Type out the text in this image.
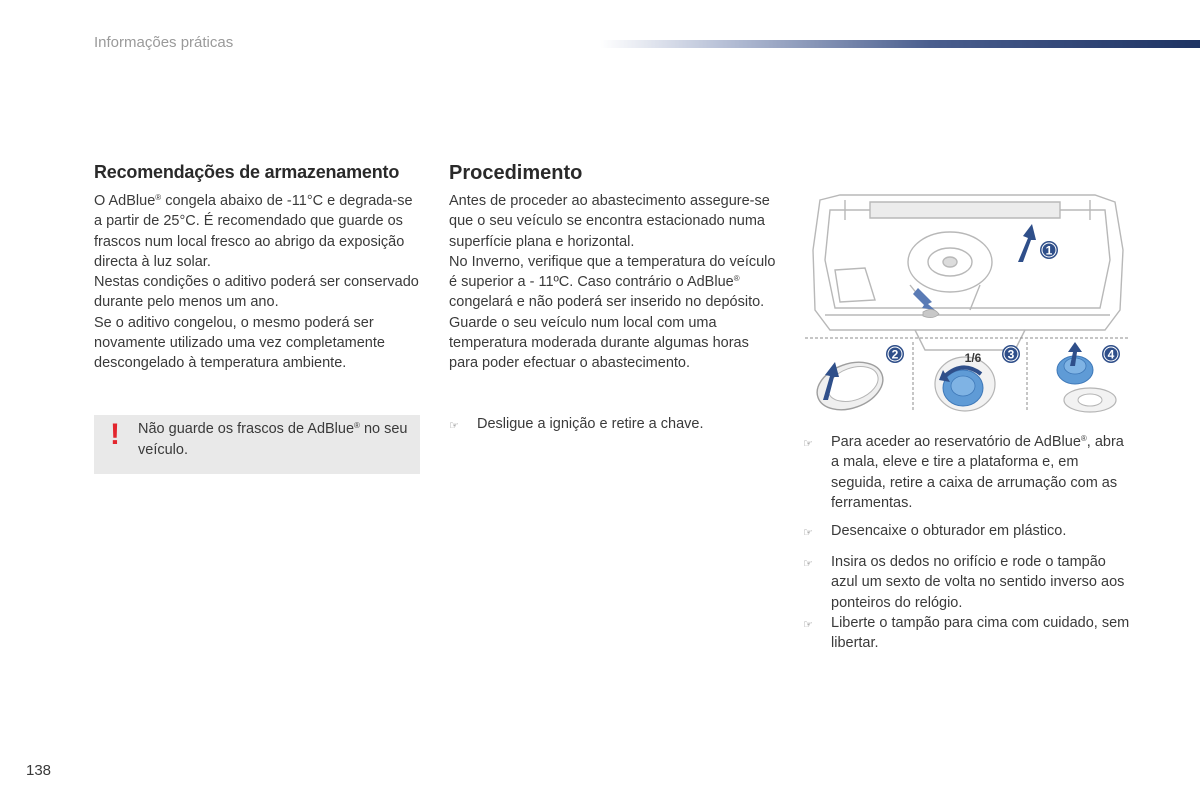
Informações práticas
Recomendações de armazenamento

O AdBlue® congela abaixo de -11°C e degrada-se a partir de 25°C. É recomendado que guarde os frascos num local fresco ao abrigo da exposição directa à luz solar.

Nestas condições o aditivo poderá ser conservado durante pelo menos um ano.

Se o aditivo congelou, o mesmo poderá ser novamente utilizado uma vez completamente descongelado à temperatura ambiente.

! Não guarde os frascos de AdBlue® no seu veículo.
Procedimento

Antes de proceder ao abastecimento assegure-se que o seu veículo se encontra estacionado numa superfície plana e horizontal.

No Inverno, verifique que a temperatura do veículo é superior a - 11ºC. Caso contrário o AdBlue® congelará e não poderá ser inserido no depósito. Guarde o seu veículo num local com uma temperatura moderada durante algumas horas para poder efectuar o abastecimento.

☞ Desligue a ignição e retire a chave.
1
2	1/6 3	4
☞ Para aceder ao reservatório de AdBlue®, abra a mala, eleve e tire a plataforma e, em seguida, retire a caixa de arrumação com as ferramentas.
☞ Desencaixe o obturador em plástico.
☞ Insira os dedos no orifício e rode o tampão azul um sexto de volta no sentido inverso aos ponteiros do relógio.
☞ Liberte o tampão para cima com cuidado, sem libertar.
138
